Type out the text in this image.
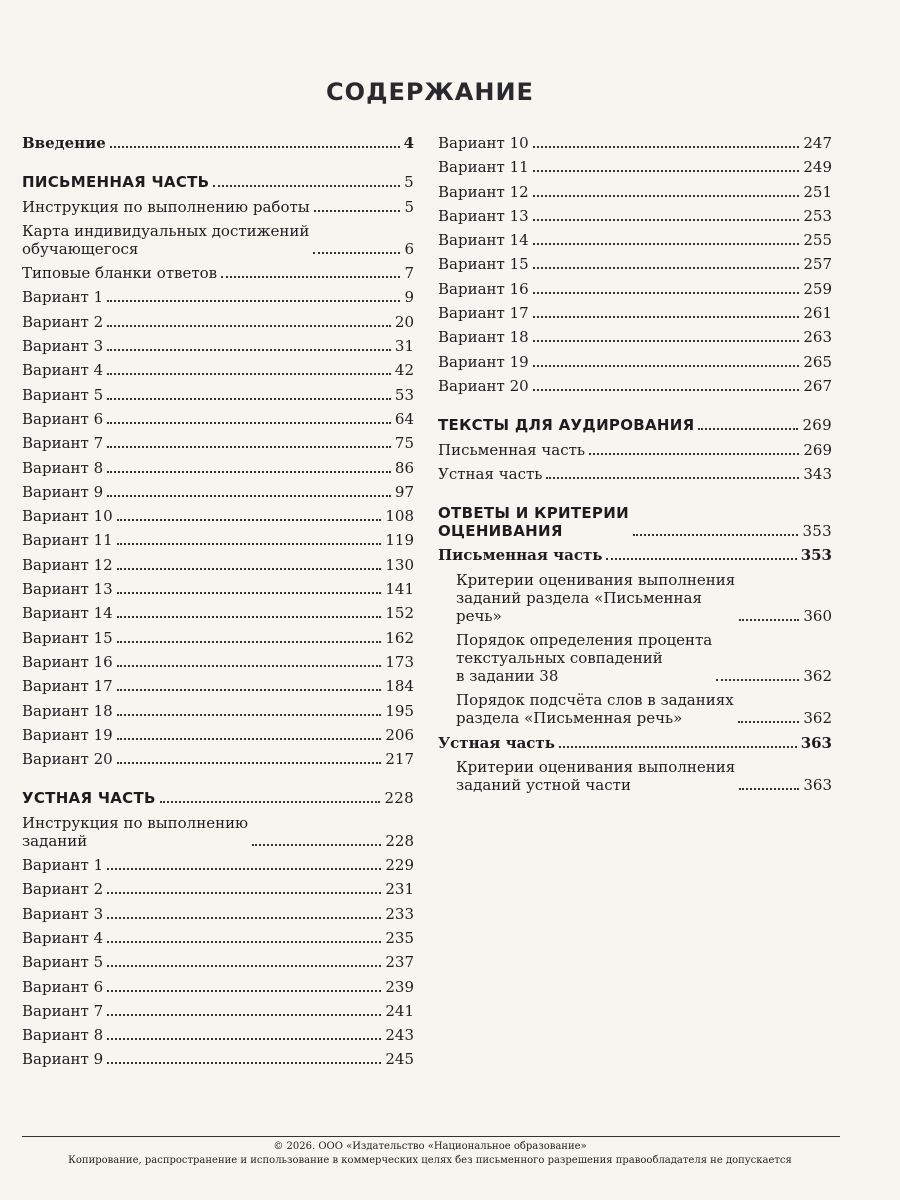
СОДЕРЖАНИЕ
Введение	4
ПИСЬМЕННАЯ ЧАСТЬ	5
Инструкция по выполнению работы	5
Карта индивидуальных достижений
обучающегося	6
Типовые бланки ответов	7
Вариант 1	9
Вариант 2	20
Вариант 3	31
Вариант 4	42
Вариант 5	53
Вариант 6	64
Вариант 7	75
Вариант 8	86
Вариант 9	97
Вариант 10	108
Вариант 11	119
Вариант 12	130
Вариант 13	141
Вариант 14	152
Вариант 15	162
Вариант 16	173
Вариант 17	184
Вариант 18	195
Вариант 19	206
Вариант 20	217
УСТНАЯ ЧАСТЬ	228
Инструкция по выполнению
заданий	228
Вариант 1	229
Вариант 2	231
Вариант 3	233
Вариант 4	235
Вариант 5	237
Вариант 6	239
Вариант 7	241
Вариант 8	243
Вариант 9	245
Вариант 10	247
Вариант 11	249
Вариант 12	251
Вариант 13	253
Вариант 14	255
Вариант 15	257
Вариант 16	259
Вариант 17	261
Вариант 18	263
Вариант 19	265
Вариант 20	267
ТЕКСТЫ ДЛЯ АУДИРОВАНИЯ	269
Письменная часть	269
Устная часть	343
ОТВЕТЫ И КРИТЕРИИ
ОЦЕНИВАНИЯ	353
Письменная часть	353
Критерии оценивания выполнения
заданий раздела «Письменная
речь»	360
Порядок определения процента
текстуальных совпадений
в задании 38	362
Порядок подсчёта слов в заданиях
раздела «Письменная речь»	362
Устная часть	363
Критерии оценивания выполнения
заданий устной части	363
© 2026. ООО «Издательство «Национальное образование»
Копирование, распространение и использование в коммерческих целях без письменного разрешения правообладателя не допускается
